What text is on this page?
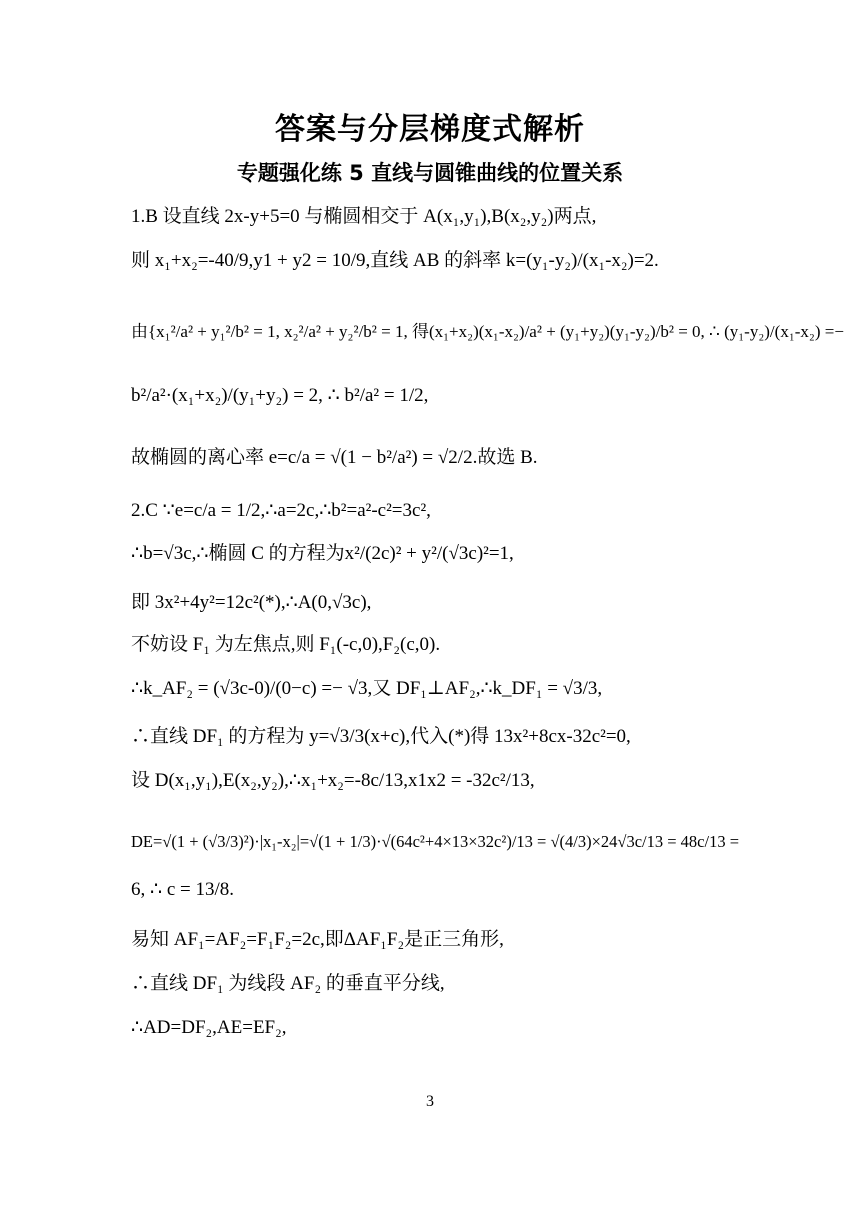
答案与分层梯度式解析
专题强化练 5 直线与圆锥曲线的位置关系
1.B 设直线 2x-y+5=0 与椭圆相交于 A(x₁,y₁),B(x₂,y₂)两点,
则 x₁+x₂=-40/9,y1 + y2 = 10/9,直线 AB 的斜率 k=(y₁-y₂)/(x₁-x₂)=2.
由{x₁²/a² + y₁²/b² = 1, x₂²/a² + y₂²/b² = 1, 得(x₁+x₂)(x₁-x₂)/a² + (y₁+y₂)(y₁-y₂)/b² = 0, ∴ (y₁-y₂)/(x₁-x₂) =−
b²/a²·(x₁+x₂)/(y₁+y₂) = 2, ∴ b²/a² = 1/2,
故椭圆的离心率 e=c/a = √(1 − b²/a²) = √2/2.故选 B.
2.C ∵e=c/a = 1/2,∴a=2c,∴b²=a²-c²=3c²,
∴b=√3c,∴椭圆 C 的方程为x²/(2c)² + y²/(√3c)²=1,
即 3x²+4y²=12c²(*),∴A(0,√3c),
不妨设 F₁ 为左焦点,则 F₁(-c,0),F₂(c,0).
∴k_AF₂ = (√3c-0)/(0−c) =− √3,又 DF₁⊥AF₂,∴k_DF₁ = √3/3,
∴直线 DF₁ 的方程为 y=√3/3(x+c),代入(*)得 13x²+8cx-32c²=0,
设 D(x₁,y₁),E(x₂,y₂),∴x₁+x₂=-8c/13,x1x2 = -32c²/13,
DE=√(1 + (√3/3)²)·|x₁-x₂|=√(1 + 1/3)·√(64c²+4×13×32c²)/13 = √(4/3)×24√3c/13 = 48c/13 =
6, ∴ c = 13/8.
易知 AF₁=AF₂=F₁F₂=2c,即ΔAF₁F₂是正三角形,
∴直线 DF₁ 为线段 AF₂ 的垂直平分线,
∴AD=DF₂,AE=EF₂,
3
